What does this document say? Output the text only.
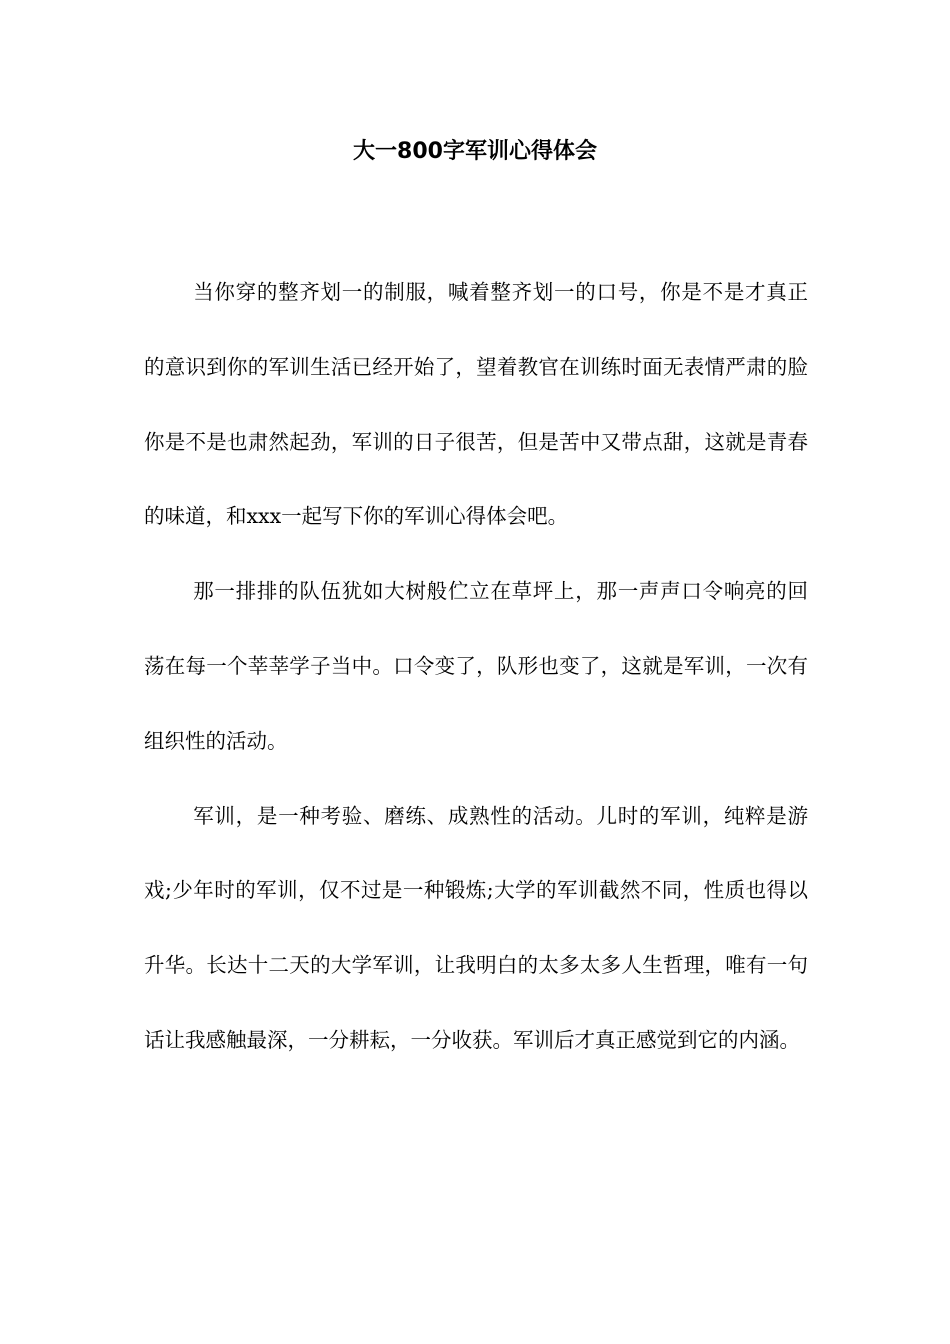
大一800字军训心得体会

当你穿的整齐划一的制服，喊着整齐划一的口号，你是不是才真正的意识到你的军训生活已经开始了，望着教官在训练时面无表情严肃的脸你是不是也肃然起劲，军训的日子很苦，但是苦中又带点甜，这就是青春的味道，和xxx一起写下你的军训心得体会吧。

那一排排的队伍犹如大树般伫立在草坪上，那一声声口令响亮的回荡在每一个莘莘学子当中。口令变了，队形也变了，这就是军训，一次有组织性的活动。

军训，是一种考验、磨练、成熟性的活动。儿时的军训，纯粹是游戏;少年时的军训，仅不过是一种锻炼;大学的军训截然不同，性质也得以升华。长达十二天的大学军训，让我明白的太多太多人生哲理，唯有一句话让我感触最深，一分耕耘，一分收获。军训后才真正感觉到它的内涵。
